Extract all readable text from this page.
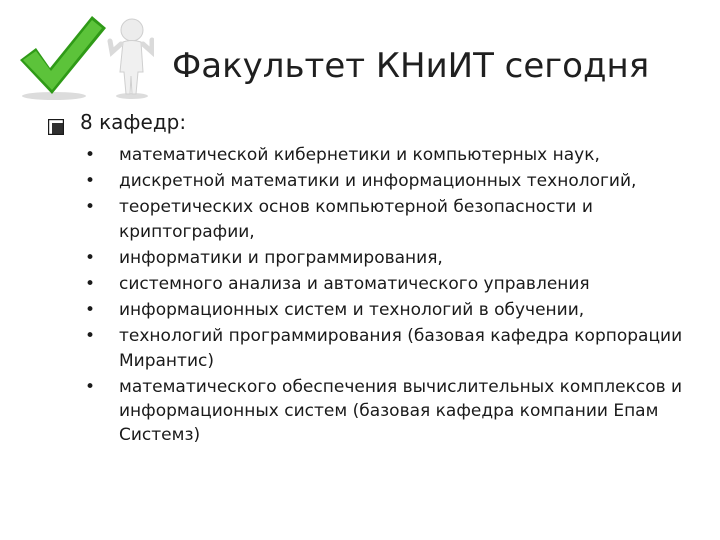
Факультет КНиИТ сегодня
8 кафедр:
•	математической кибернетики и компьютерных наук,
•	дискретной математики и информационных технологий,
•	теоретических основ компьютерной безопасности и криптографии,
•	информатики и программирования,
•	системного анализа и автоматического управления
•	информационных систем и технологий в обучении,
•	технологий программирования (базовая кафедра корпорации Мирантис)
•	математического обеспечения вычислительных комплексов и информационных систем (базовая кафедра компании Епам Системз)
